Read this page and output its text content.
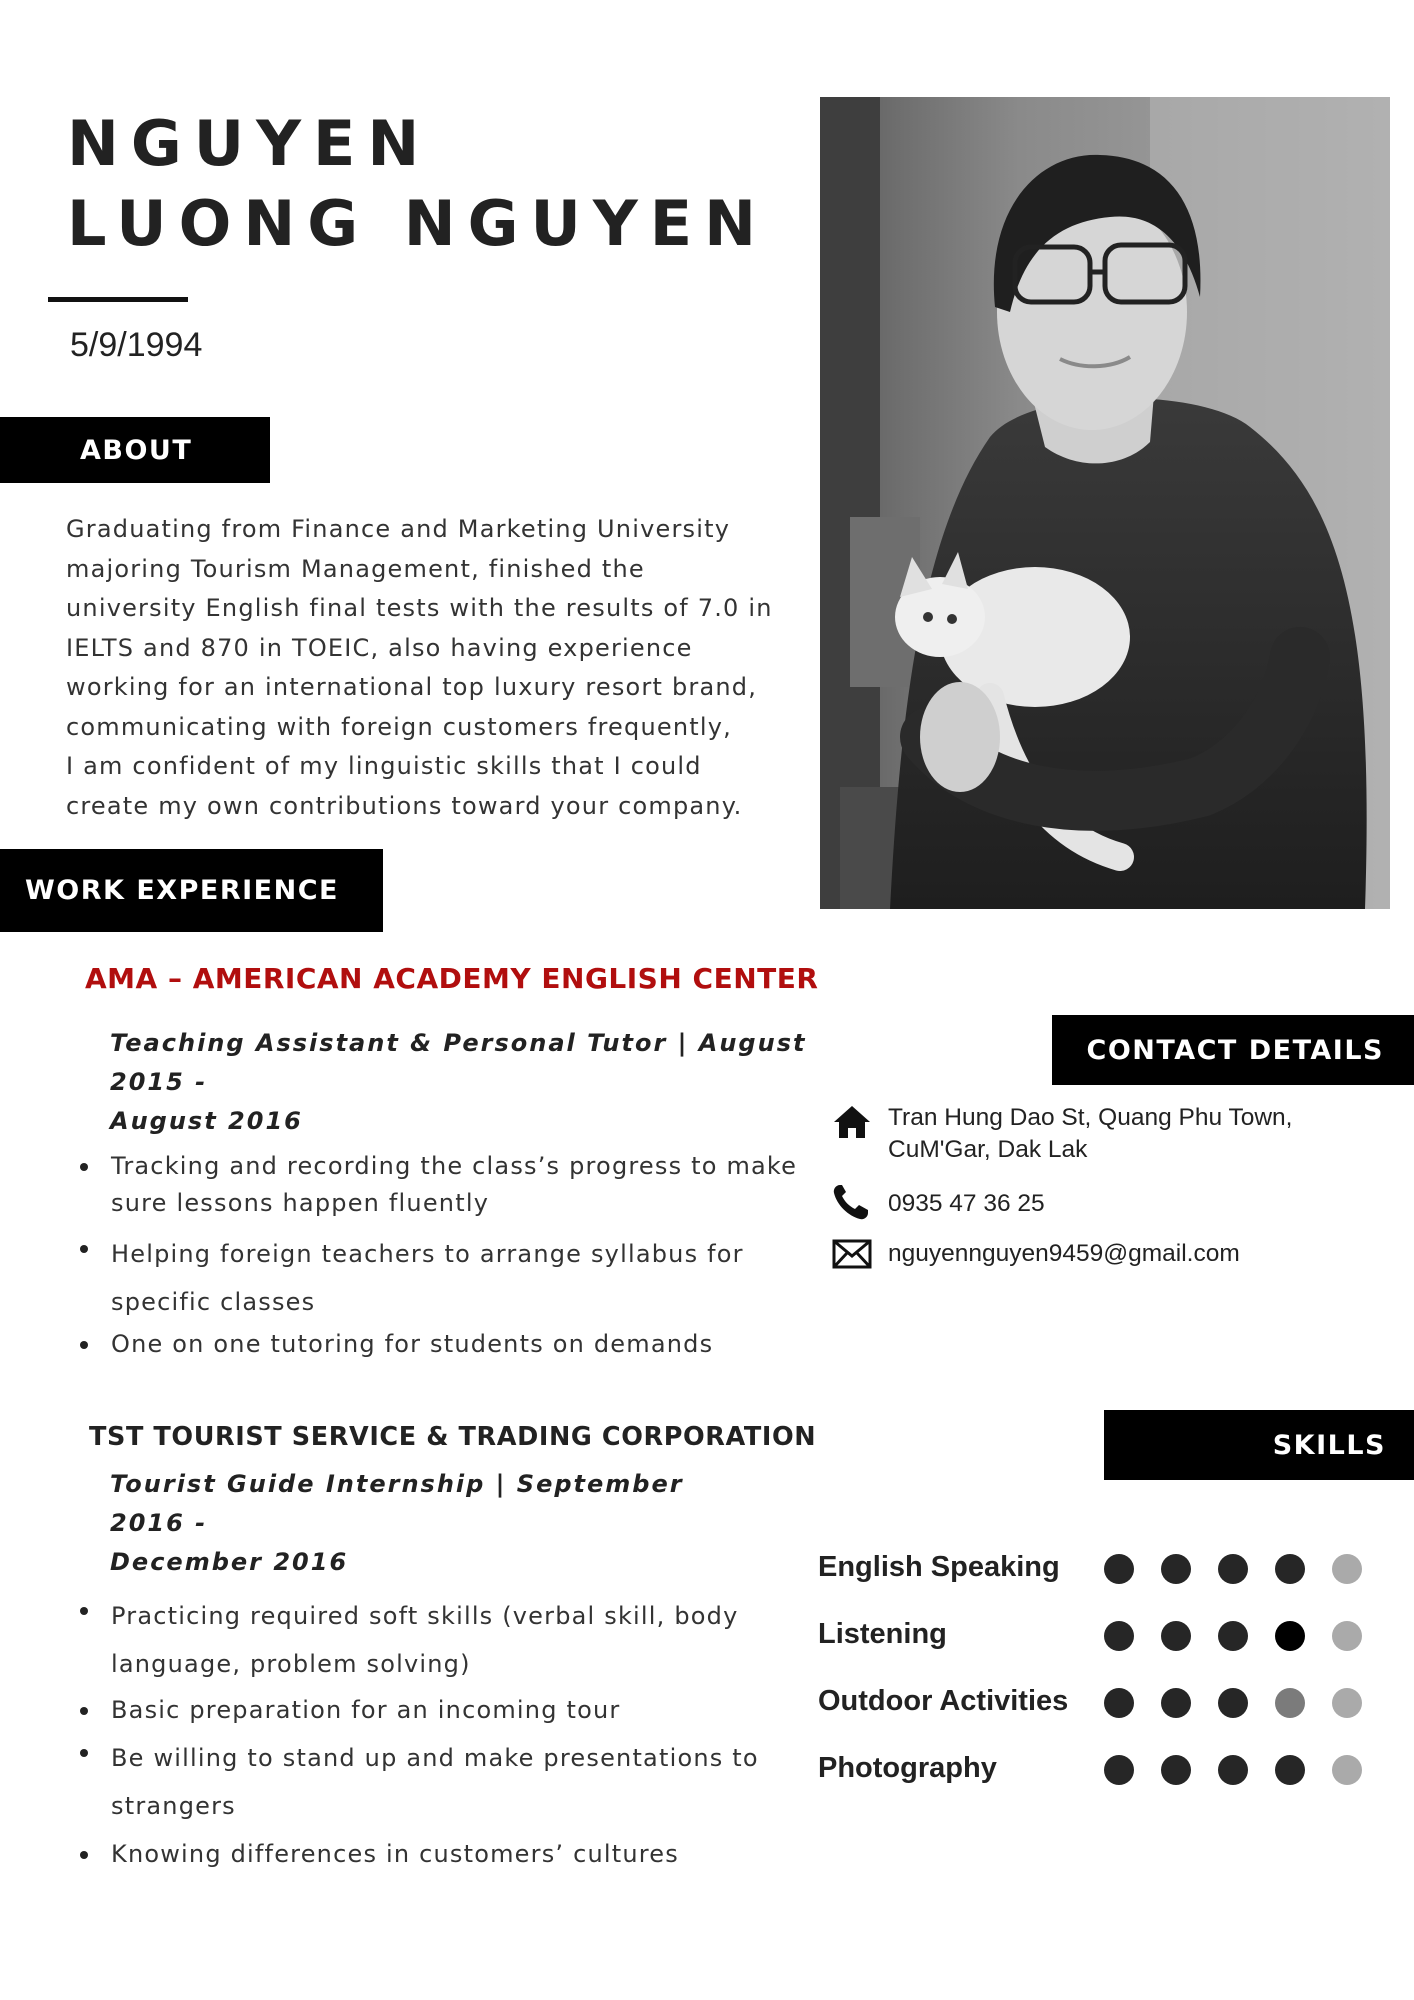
NGUYEN
LUONG NGUYEN
5/9/1994
ABOUT

Graduating from Finance and Marketing University
majoring Tourism Management, finished the
university English final tests with the results of 7.0 in
IELTS and 870 in TOEIC, also having experience
working for an international top luxury resort brand,
communicating with foreign customers frequently,
I am confident of my linguistic skills that I could
create my own contributions toward your company.

WORK EXPERIENCE
AMA – AMERICAN ACADEMY ENGLISH CENTER

Teaching Assistant & Personal Tutor | August 2015 -
August 2016

Tracking and recording the class’s progress to make
sure lessons happen fluently
Helping foreign teachers to arrange syllabus for
specific classes
One on one tutoring for students on demands
TST TOURIST SERVICE & TRADING CORPORATION

Tourist Guide Internship | September 2016 -
December 2016

Practicing required soft skills (verbal skill, body
language, problem solving)
Basic preparation for an incoming tour
Be willing to stand up and make presentations to
strangers
Knowing differences in customers’ cultures
CONTACT DETAILS
Tran Hung Dao St, Quang Phu Town,
CuM'Gar, Dak Lak
0935 47 36 25
nguyennguyen9459@gmail.com
SKILLS
English Speaking
Listening
Outdoor Activities
Photography
